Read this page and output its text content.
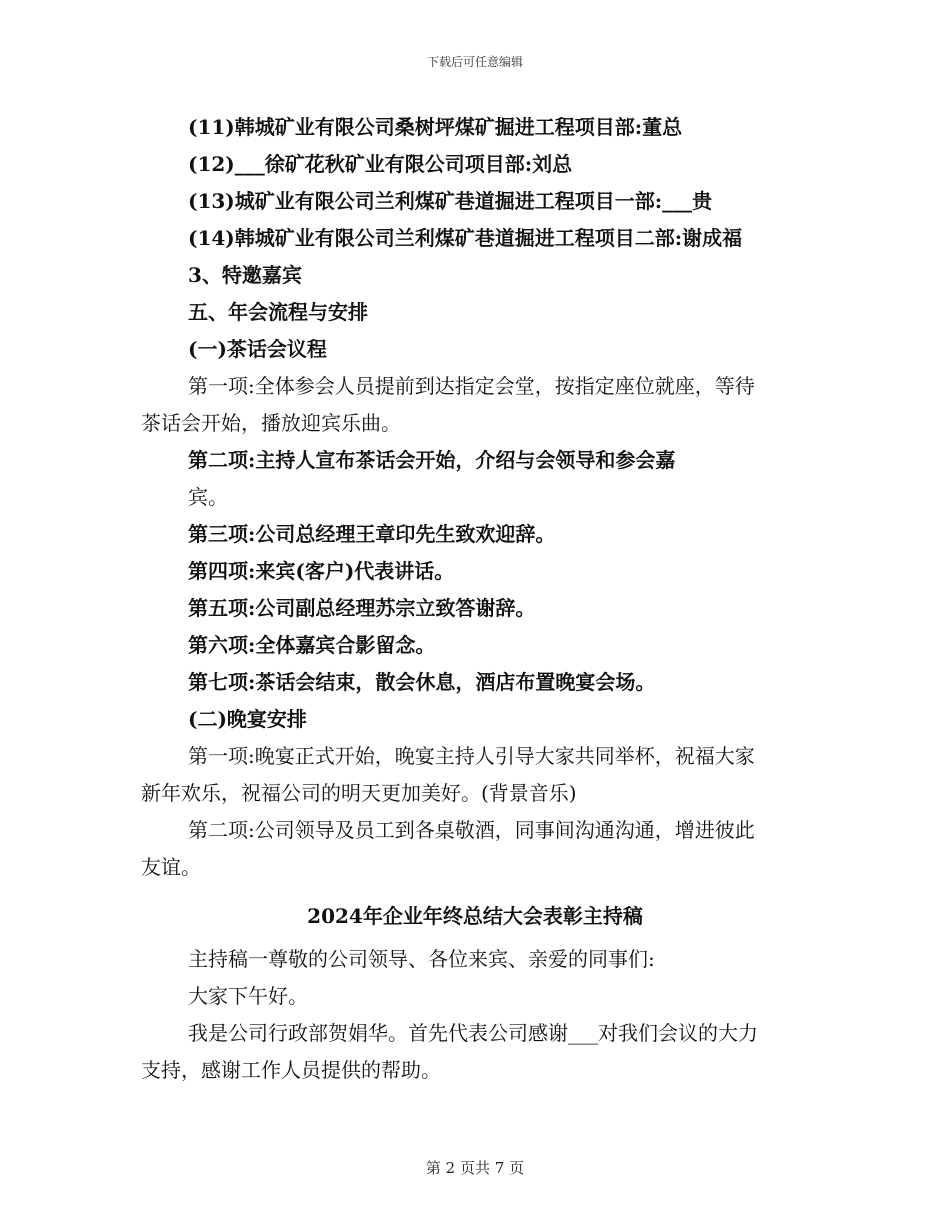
下载后可任意编辑
(11)韩城矿业有限公司桑树坪煤矿掘进工程项目部:董总
(12)___徐矿花秋矿业有限公司项目部:刘总
(13)城矿业有限公司兰利煤矿巷道掘进工程项目一部:___贵
(14)韩城矿业有限公司兰利煤矿巷道掘进工程项目二部:谢成福
3、特邀嘉宾
五、年会流程与安排
(一)茶话会议程
第一项:全体参会人员提前到达指定会堂，按指定座位就座，等待
茶话会开始，播放迎宾乐曲。
第二项:主持人宣布茶话会开始，介绍与会领导和参会嘉
宾。
第三项:公司总经理王章印先生致欢迎辞。
第四项:来宾(客户)代表讲话。
第五项:公司副总经理苏宗立致答谢辞。
第六项:全体嘉宾合影留念。
第七项:茶话会结束，散会休息，酒店布置晚宴会场。
(二)晚宴安排
第一项:晚宴正式开始，晚宴主持人引导大家共同举杯，祝福大家
新年欢乐，祝福公司的明天更加美好。(背景音乐)
第二项:公司领导及员工到各桌敬酒，同事间沟通沟通，增进彼此
友谊。
2024年企业年终总结大会表彰主持稿
主持稿一尊敬的公司领导、各位来宾、亲爱的同事们:
大家下午好。
我是公司行政部贺娟华。首先代表公司感谢___对我们会议的大力
支持，感谢工作人员提供的帮助。
第 2 页共 7 页
